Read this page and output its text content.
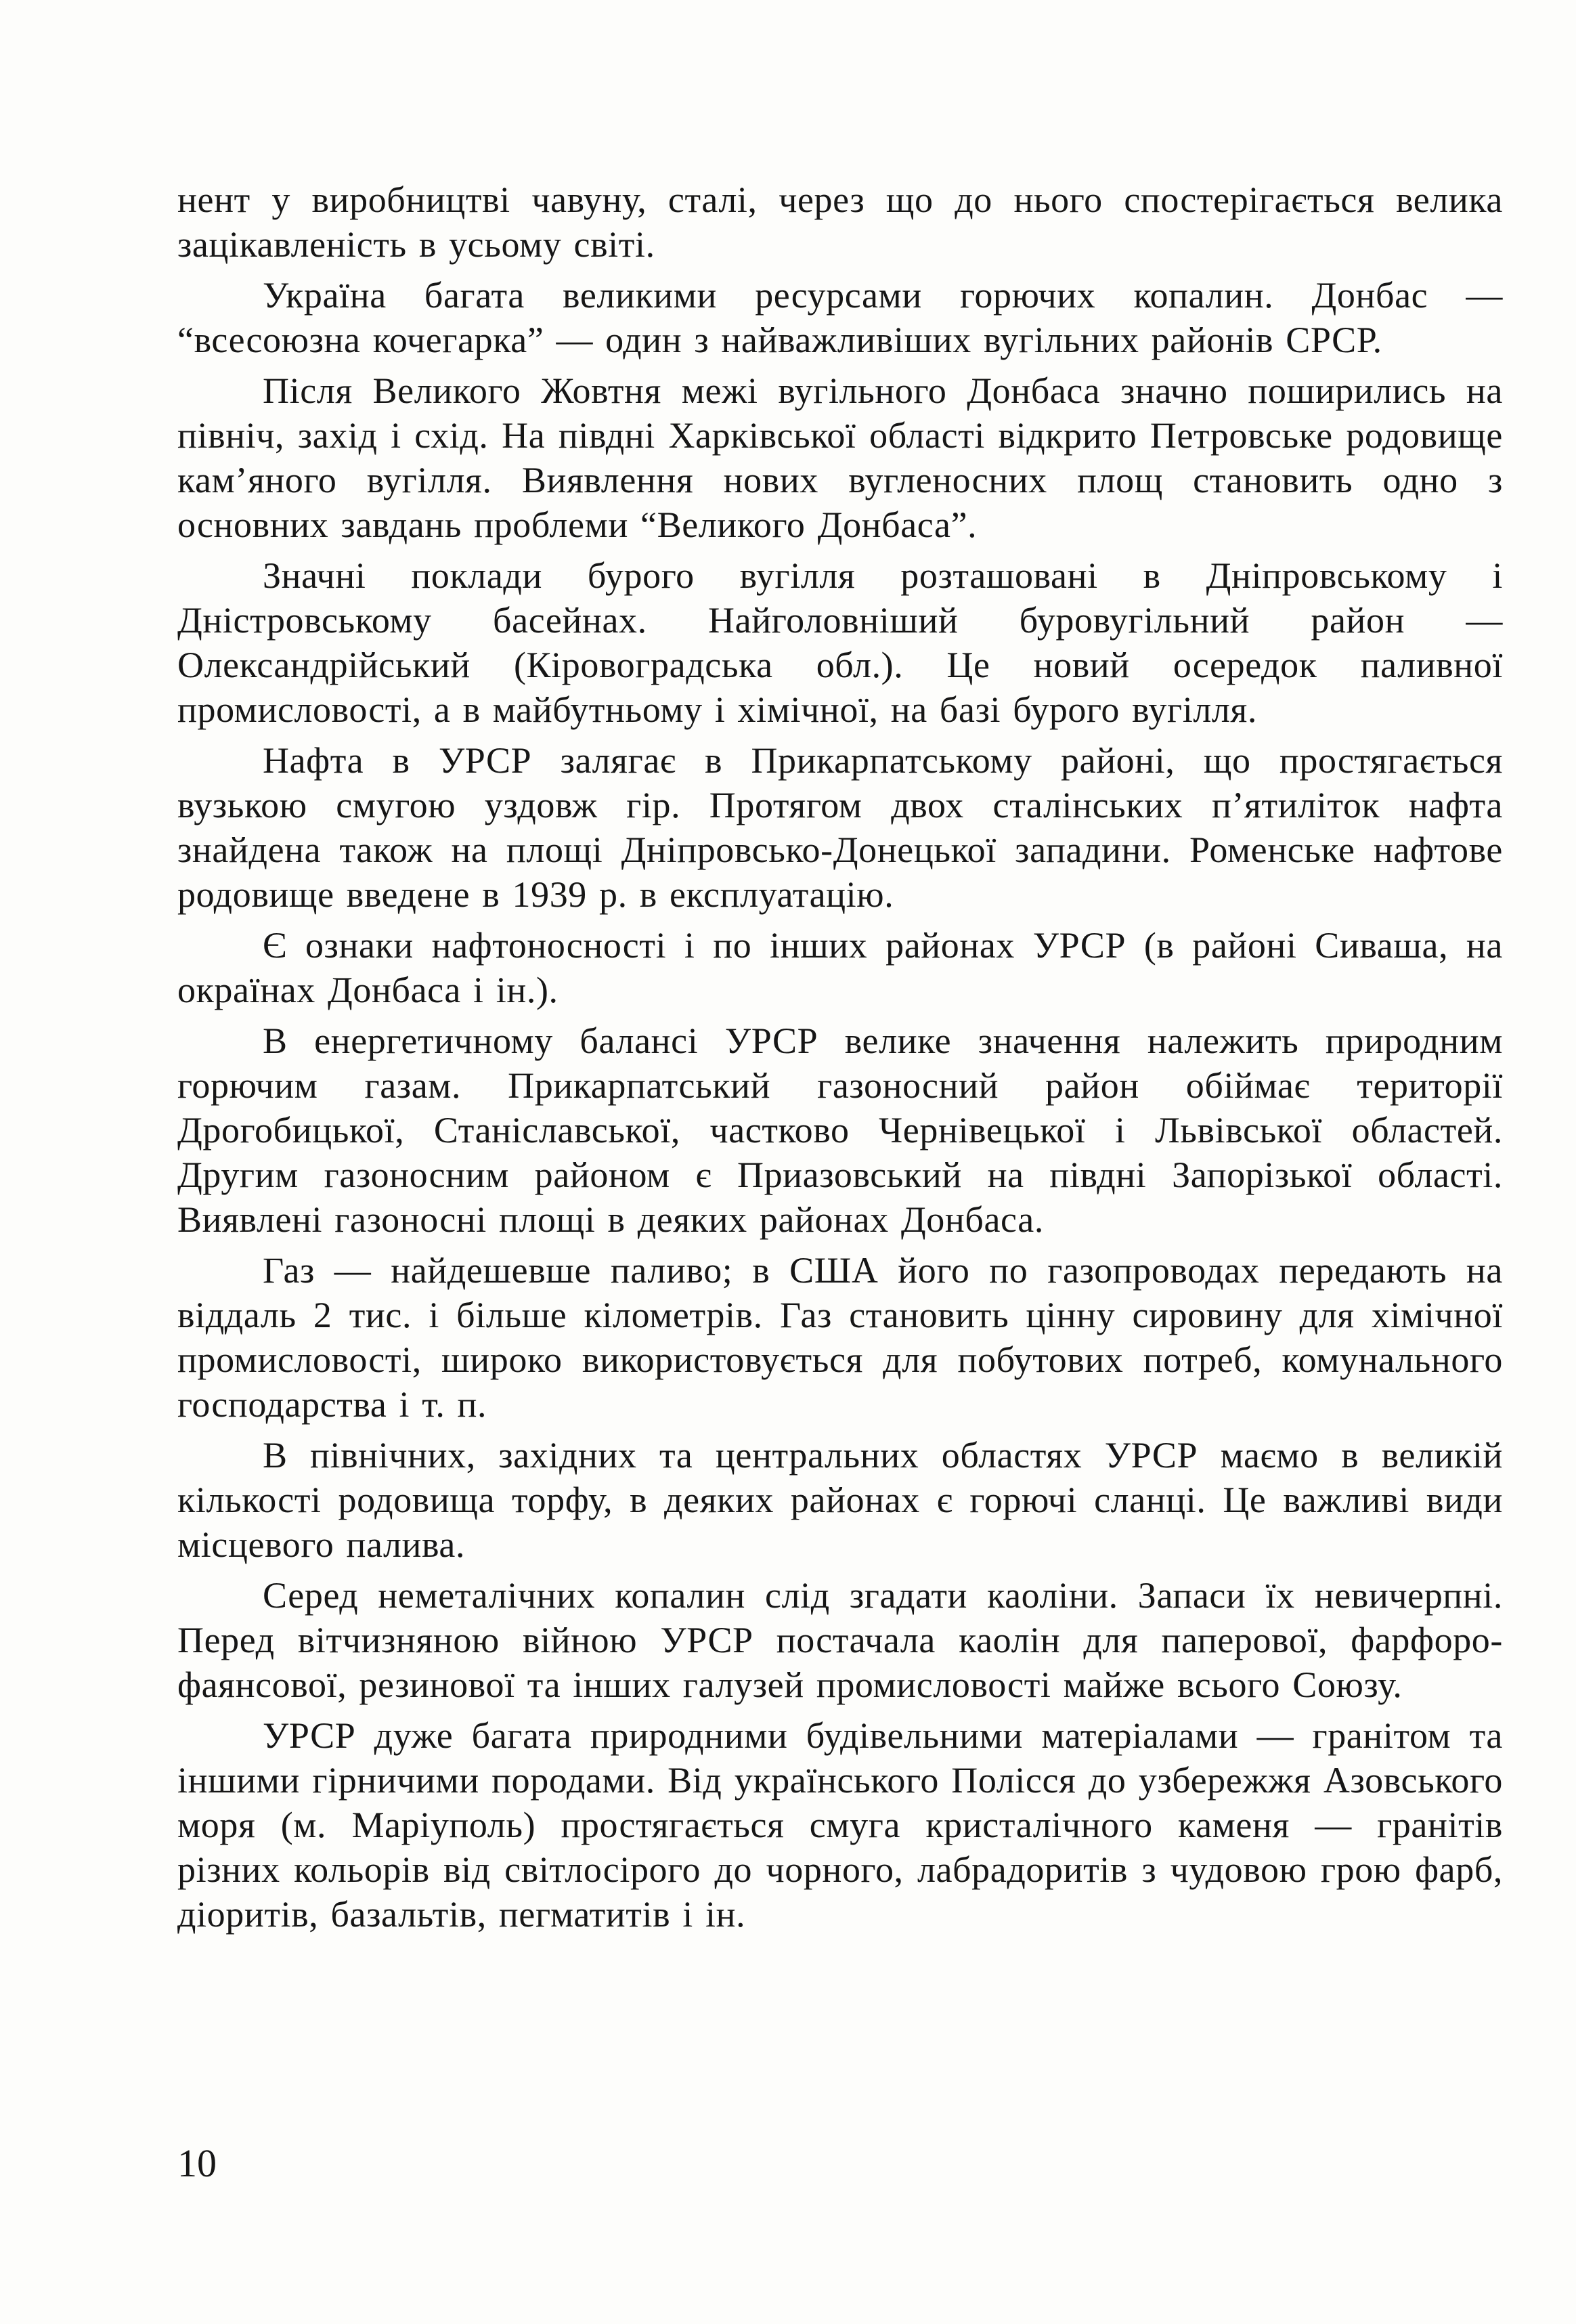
нент у виробництві чавуну, сталі, через що до нього спостерігається велика зацікавленість в усьому світі.

Україна багата великими ресурсами горючих копалин. Донбас — “всесоюзна кочегарка” — один з найважливіших вугільних районів СРСР.

Після Великого Жовтня межі вугільного Донбаса значно поширились на північ, захід і схід. На півдні Харківської області відкрито Петровське родовище кам’яного вугілля. Виявлення нових вугленосних площ становить одно з основних завдань проблеми “Великого Донбаса”.

Значні поклади бурого вугілля розташовані в Дніпровському і Дністровському басейнах. Найголовніший буровугільний район — Олександрійський (Кіровоградська обл.). Це новий осередок паливної промисловості, а в майбутньому і хімічної, на базі бурого вугілля.

Нафта в УРСР залягає в Прикарпатському районі, що простягається вузькою смугою уздовж гір. Протягом двох сталінських п’ятиліток нафта знайдена також на площі Дніпровсько-Донецької западини. Роменське нафтове родовище введене в 1939 р. в експлуатацію.

Є ознаки нафтоносності і по інших районах УРСР (в районі Сиваша, на окраїнах Донбаса і ін.).

В енергетичному балансі УРСР велике значення належить природним горючим газам. Прикарпатський газоносний район обіймає території Дрогобицької, Станіславської, частково Чернівецької і Львівської областей. Другим газоносним районом є Приазовський на півдні Запорізької області. Виявлені газоносні площі в деяких районах Донбаса.

Газ — найдешевше паливо; в США його по газопроводах передають на віддаль 2 тис. і більше кілометрів. Газ становить цінну сировину для хімічної промисловості, широко використовується для побутових потреб, комунального господарства і т. п.

В північних, західних та центральних областях УРСР маємо в великій кількості родовища торфу, в деяких районах є горючі сланці. Це важливі види місцевого палива.

Серед неметалічних копалин слід згадати каоліни. Запаси їх невичерпні. Перед вітчизняною війною УРСР постачала каолін для паперової, фарфоро-фаянсової, резинової та інших галузей промисловості майже всього Союзу.

УРСР дуже багата природними будівельними матеріалами — гранітом та іншими гірничими породами. Від українського Полісся до узбережжя Азовського моря (м. Маріуполь) простягається смуга кристалічного каменя — гранітів різних кольорів від світлосірого до чорного, лабрадоритів з чудовою грою фарб, діоритів, базальтів, пегматитів і ін.

10
